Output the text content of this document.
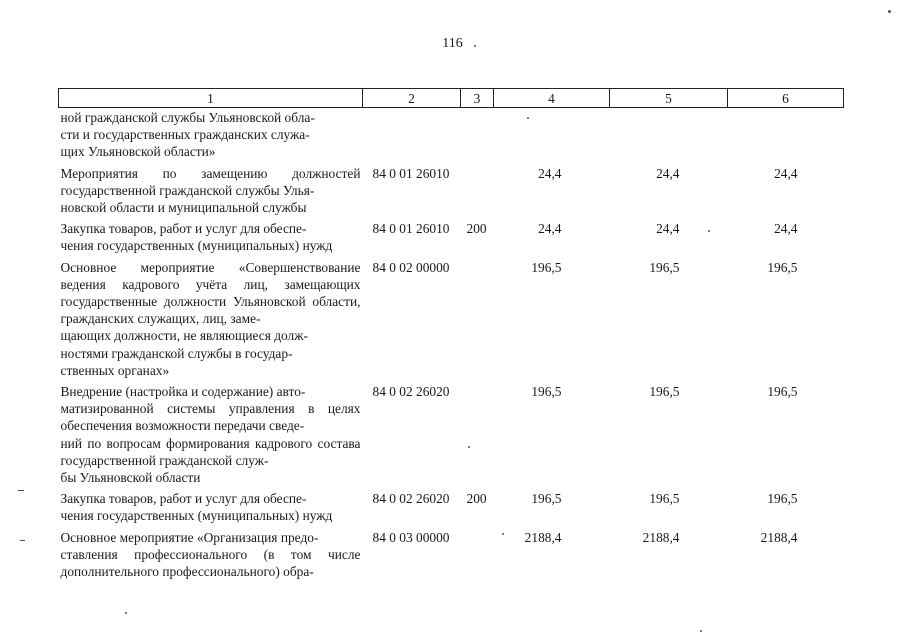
116
1	2	3	4	5	6
ной гражданской службы Ульяновской обла-
сти и государственных гражданских служа-
щих Ульяновской области»					
Мероприятия по замещению должностей государственной гражданской службы Улья-
новской области и муниципальной службы	84 0 01 26010		24,4	24,4	24,4
Закупка товаров, работ и услуг для обеспе-
чения государственных (муниципальных) нужд	84 0 01 26010	200	24,4	24,4	24,4
Основное мероприятие «Совершенствование ведения кадрового учёта лиц, замещающих государственные должности Ульяновской области, гражданских служащих, лиц, заме-
щающих должности, не являющиеся долж-
ностями гражданской службы в государ-
ственных органах»	84 0 02 00000		196,5	196,5	196,5
Внедрение (настройка и содержание) авто-
матизированной системы управления в целях обеспечения возможности передачи сведе-
ний по вопросам формирования кадрового состава государственной гражданской служ-
бы Ульяновской области	84 0 02 26020		196,5	196,5	196,5
Закупка товаров, работ и услуг для обеспе-
чения государственных (муниципальных) нужд	84 0 02 26020	200	196,5	196,5	196,5
Основное мероприятие «Организация предо-
ставления профессионального (в том числе дополнительного профессионального) обра-	84 0 03 00000		2188,4	2188,4	2188,4
